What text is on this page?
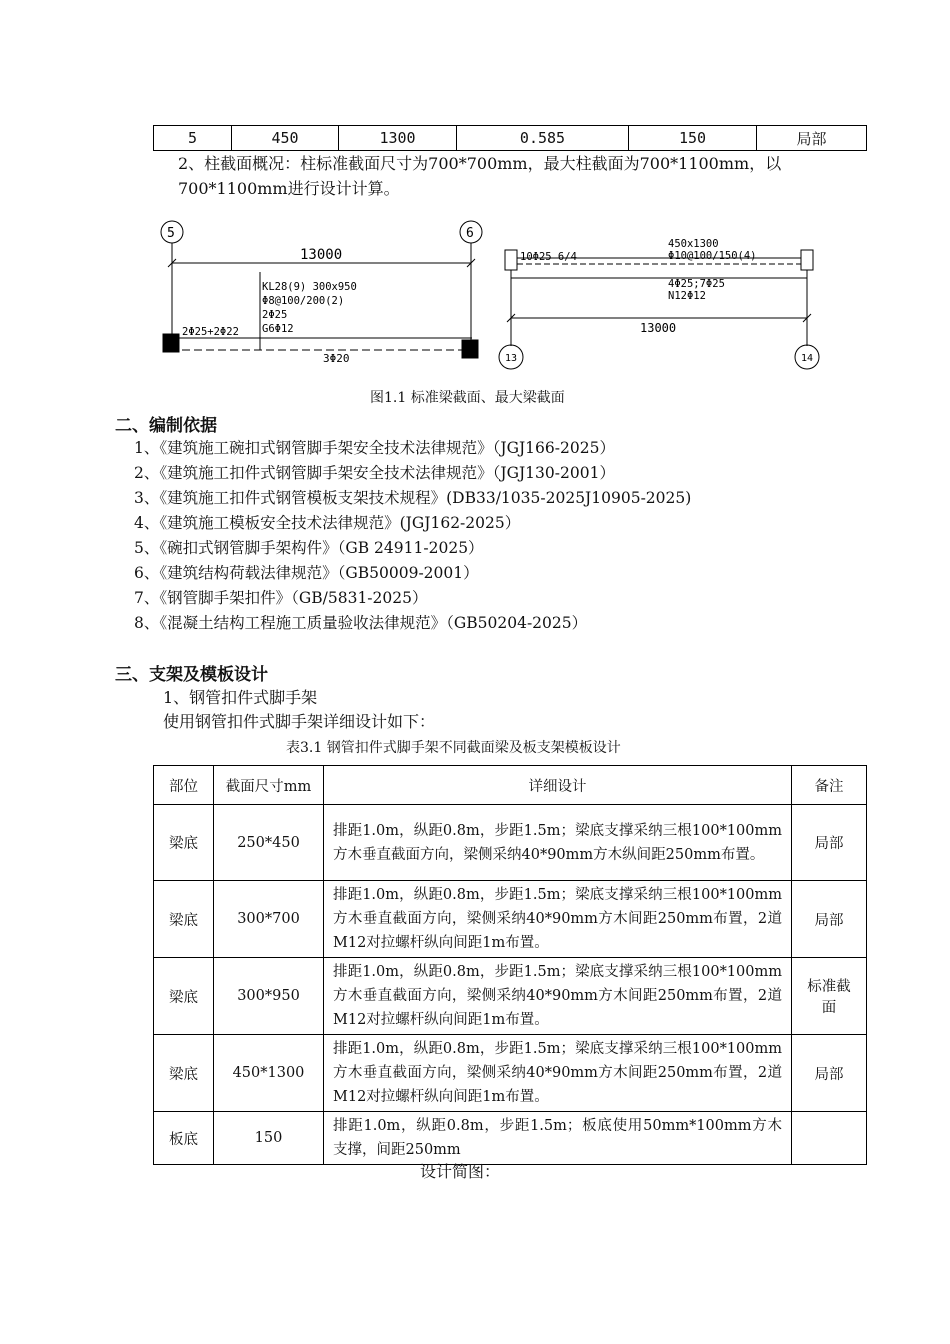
5	450	1300	0.585	150	局部
2、柱截面概况：柱标准截面尺寸为700*700mm，最大柱截面为700*1100mm，以
700*1100mm进行设计计算。
5	6
13000
KL28(9) 300x950
Φ8@100/200(2)
2Φ25
G6Φ12
2Φ25+2Φ22
3Φ20
10Φ25 6/4
450x1300
Φ10@100/150(4)
4Φ25;7Φ25
N12Φ12
13000
13	14
图1.1 标准梁截面、最大梁截面
二、编制依据
1、《建筑施工碗扣式钢管脚手架安全技术法律规范》（JGJ166-2025）
2、《建筑施工扣件式钢管脚手架安全技术法律规范》（JGJ130-2001）
3、《建筑施工扣件式钢管模板支架技术规程》(DB33/1035-2025J10905-2025)
4、《建筑施工模板安全技术法律规范》(JGJ162-2025）
5、《碗扣式钢管脚手架构件》（GB 24911-2025）
6、《建筑结构荷载法律规范》（GB50009-2001）
7、《钢管脚手架扣件》（GB/5831-2025）
8、《混凝土结构工程施工质量验收法律规范》（GB50204-2025）
三、支架及模板设计
1、钢管扣件式脚手架
使用钢管扣件式脚手架详细设计如下：
表3.1 钢管扣件式脚手架不同截面梁及板支架模板设计
部位	截面尺寸mm	详细设计	备注
梁底	250*450	排距1.0m，纵距0.8m，步距1.5m；梁底支撑采纳三根100*100mm方木垂直截面方向，梁侧采纳40*90mm方木纵间距250mm布置。	局部
梁底	300*700	排距1.0m，纵距0.8m，步距1.5m；梁底支撑采纳三根100*100mm方木垂直截面方向，梁侧采纳40*90mm方木间距250mm布置，2道M12对拉螺杆纵向间距1m布置。	局部
梁底	300*950	排距1.0m，纵距0.8m，步距1.5m；梁底支撑采纳三根100*100mm方木垂直截面方向，梁侧采纳40*90mm方木间距250mm布置，2道M12对拉螺杆纵向间距1m布置。	标准截面
梁底	450*1300	排距1.0m，纵距0.8m，步距1.5m；梁底支撑采纳三根100*100mm方木垂直截面方向，梁侧采纳40*90mm方木间距250mm布置，2道M12对拉螺杆纵向间距1m布置。	局部
板底	150	排距1.0m，纵距0.8m，步距1.5m；板底使用50mm*100mm方木支撑，间距250mm	
设计简图：
